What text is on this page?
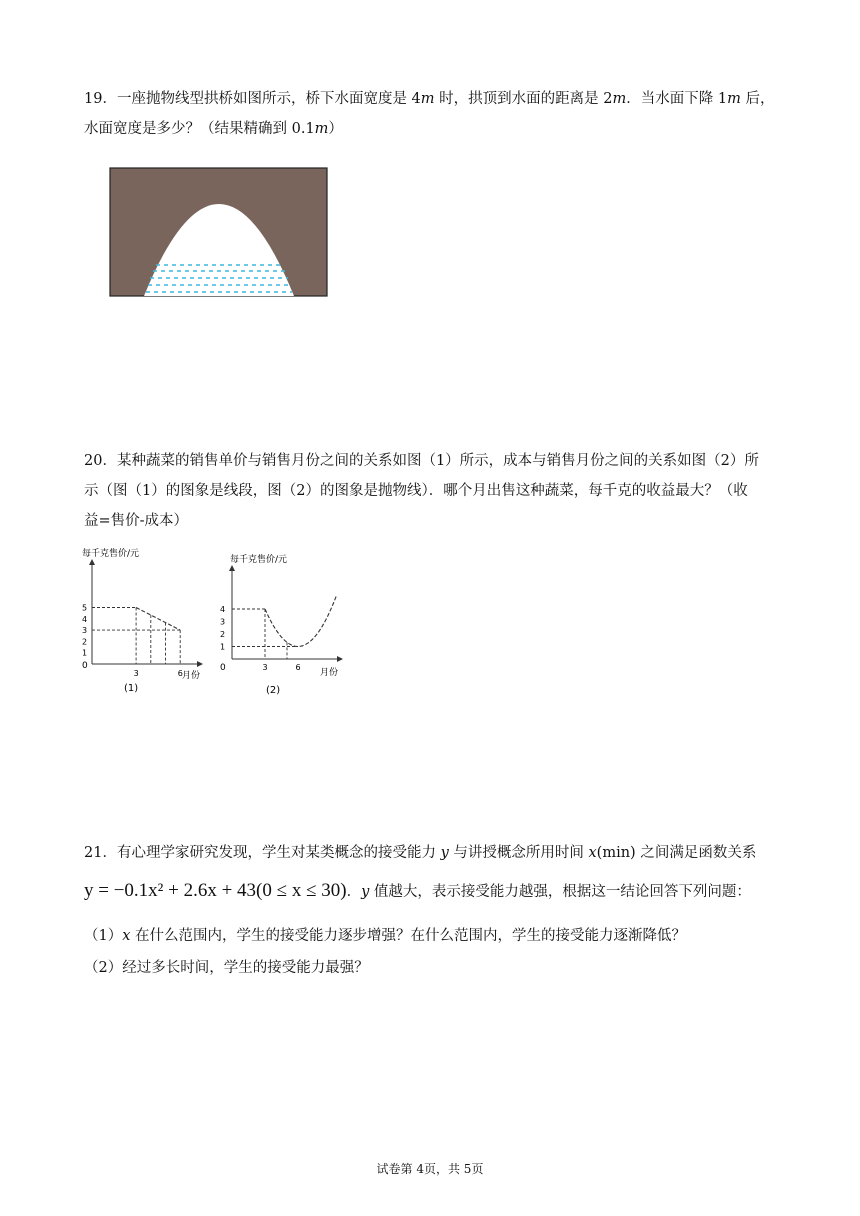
19．一座抛物线型拱桥如图所示，桥下水面宽度是 4m 时，拱顶到水面的距离是 2m．当水面下降 1m 后，

水面宽度是多少？（结果精确到 0.1m）

20．某种蔬菜的销售单价与销售月份之间的关系如图（1）所示，成本与销售月份之间的关系如图（2）所

示（图（1）的图象是线段，图（2）的图象是抛物线）．哪个月出售这种蔬菜，每千克的收益最大？（收

益=售价-成本）

每千克售价/元
1
2
3
4
5
3	6
0
月份
(1)
每千克售价/元
1
2
3
4
3	6
0	月份
(2)

21．有心理学家研究发现，学生对某类概念的接受能力 y 与讲授概念所用时间 x(min) 之间满足函数关系

y = −0.1x² + 2.6x + 43(0 ≤ x ≤ 30)．y 值越大，表示接受能力越强，根据这一结论回答下列问题：

（1）x 在什么范围内，学生的接受能力逐步增强？在什么范围内，学生的接受能力逐渐降低？
（2）经过多长时间，学生的接受能力最强？
试卷第 4页，共 5页
